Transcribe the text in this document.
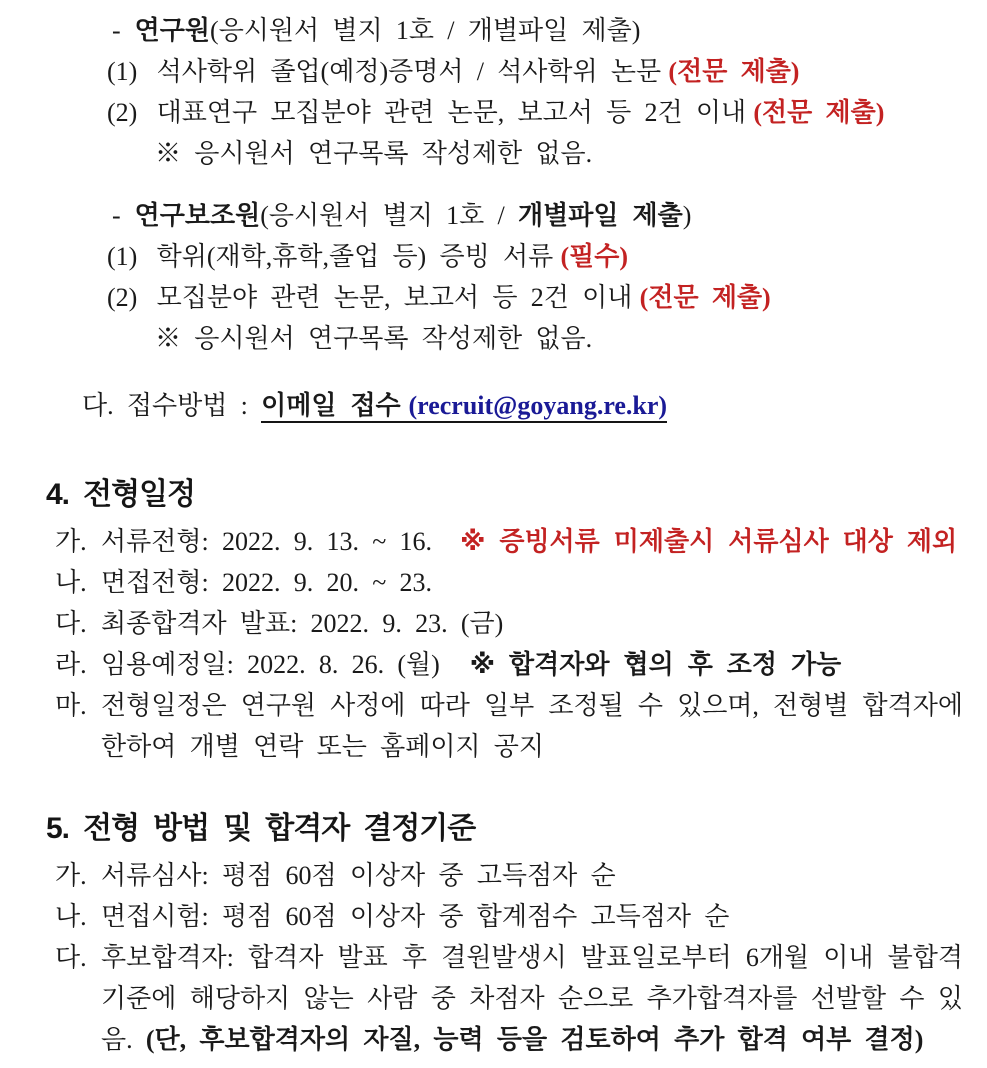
- 연구원(응시원서 별지 1호 / 개별파일 제출)
(1) 석사학위 졸업(예정)증명서 / 석사학위 논문 (전문 제출)
(2) 대표연구 모집분야 관련 논문, 보고서 등 2건 이내 (전문 제출)
※ 응시원서 연구목록 작성제한 없음.
- 연구보조원(응시원서 별지 1호 / 개별파일 제출)
(1) 학위(재학,휴학,졸업 등) 증빙 서류 (필수)
(2) 모집분야 관련 논문, 보고서 등 2건 이내 (전문 제출)
※ 응시원서 연구목록 작성제한 없음.
다. 접수방법 : 이메일 접수 (recruit@goyang.re.kr)
4. 전형일정
가. 서류전형: 2022. 9. 13. ~ 16. ※ 증빙서류 미제출시 서류심사 대상 제외
나. 면접전형: 2022. 9. 20. ~ 23.
다. 최종합격자 발표: 2022. 9. 23. (금)
라. 임용예정일: 2022. 8. 26. (월) ※ 합격자와 협의 후 조정 가능
마. 전형일정은 연구원 사정에 따라 일부 조정될 수 있으며, 전형별 합격자에 한하여 개별 연락 또는 홈페이지 공지
5. 전형 방법 및 합격자 결정기준
가. 서류심사: 평점 60점 이상자 중 고득점자 순
나. 면접시험: 평점 60점 이상자 중 합계점수 고득점자 순
다. 후보합격자: 합격자 발표 후 결원발생시 발표일로부터 6개월 이내 불합격 기준에 해당하지 않는 사람 중 차점자 순으로 추가합격자를 선발할 수 있음. (단, 후보합격자의 자질, 능력 등을 검토하여 추가 합격 여부 결정)
